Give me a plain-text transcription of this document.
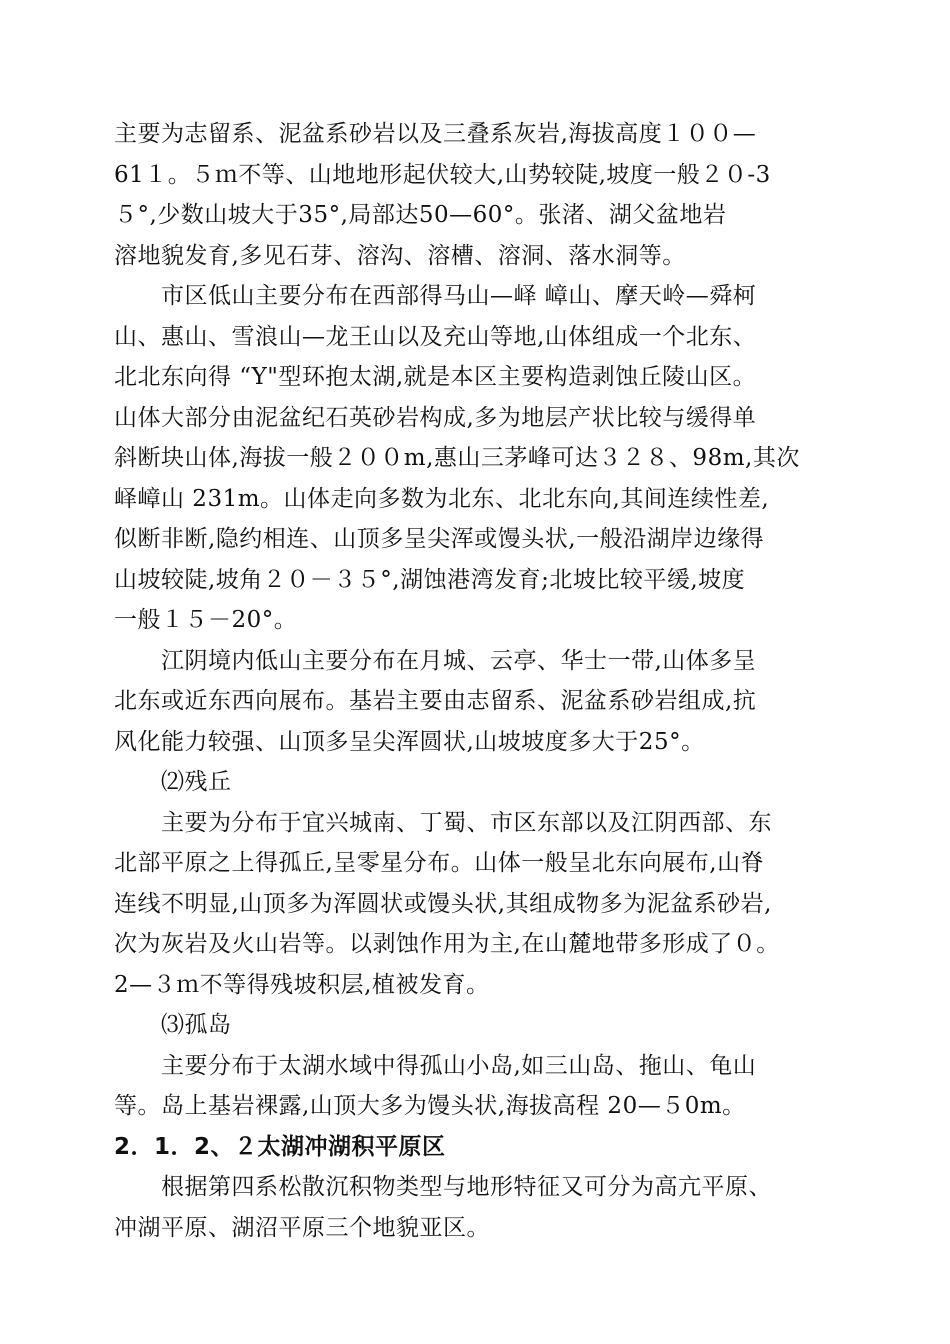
主要为志留系、泥盆系砂岩以及三叠系灰岩,海拔高度１００—
61１。５ｍ不等、山地地形起伏较大,山势较陡,坡度一般２０-3
５°,少数山坡大于35°,局部达50—60°。张渚、湖父盆地岩
溶地貌发育,多见石芽、溶沟、溶槽、溶洞、落水洞等。
　　市区低山主要分布在西部得马山—峄 嶂山、摩天岭—舜柯
山、惠山、雪浪山—龙王山以及充山等地,山体组成一个北东、
北北东向得 “Y"型环抱太湖,就是本区主要构造剥蚀丘陵山区。
山体大部分由泥盆纪石英砂岩构成,多为地层产状比较与缓得单
斜断块山体,海拔一般２００m,惠山三茅峰可达３２８、98m,其次
峄嶂山 231m。山体走向多数为北东、北北东向,其间连续性差,
似断非断,隐约相连、山顶多呈尖浑或馒头状,一般沿湖岸边缘得
山坡较陡,坡角２０－３５°,湖蚀港湾发育;北坡比较平缓,坡度
一般１５－20°。
　　江阴境内低山主要分布在月城、云亭、华士一带,山体多呈
北东或近东西向展布。基岩主要由志留系、泥盆系砂岩组成,抗
风化能力较强、山顶多呈尖浑圆状,山坡坡度多大于25°。
　　⑵残丘
　　主要为分布于宜兴城南、丁蜀、市区东部以及江阴西部、东
北部平原之上得孤丘,呈零星分布。山体一般呈北东向展布,山脊
连线不明显,山顶多为浑圆状或馒头状,其组成物多为泥盆系砂岩,
次为灰岩及火山岩等。以剥蚀作用为主,在山麓地带多形成了０。
2—３ｍ不等得残坡积层,植被发育。
　　⑶孤岛
　　主要分布于太湖水域中得孤山小岛,如三山岛、拖山、龟山
等。岛上基岩裸露,山顶大多为馒头状,海拔高程 20—５0m。
2．1．2、２太湖冲湖积平原区
　　根据第四系松散沉积物类型与地形特征又可分为高亢平原、
冲湖平原、湖沼平原三个地貌亚区。
